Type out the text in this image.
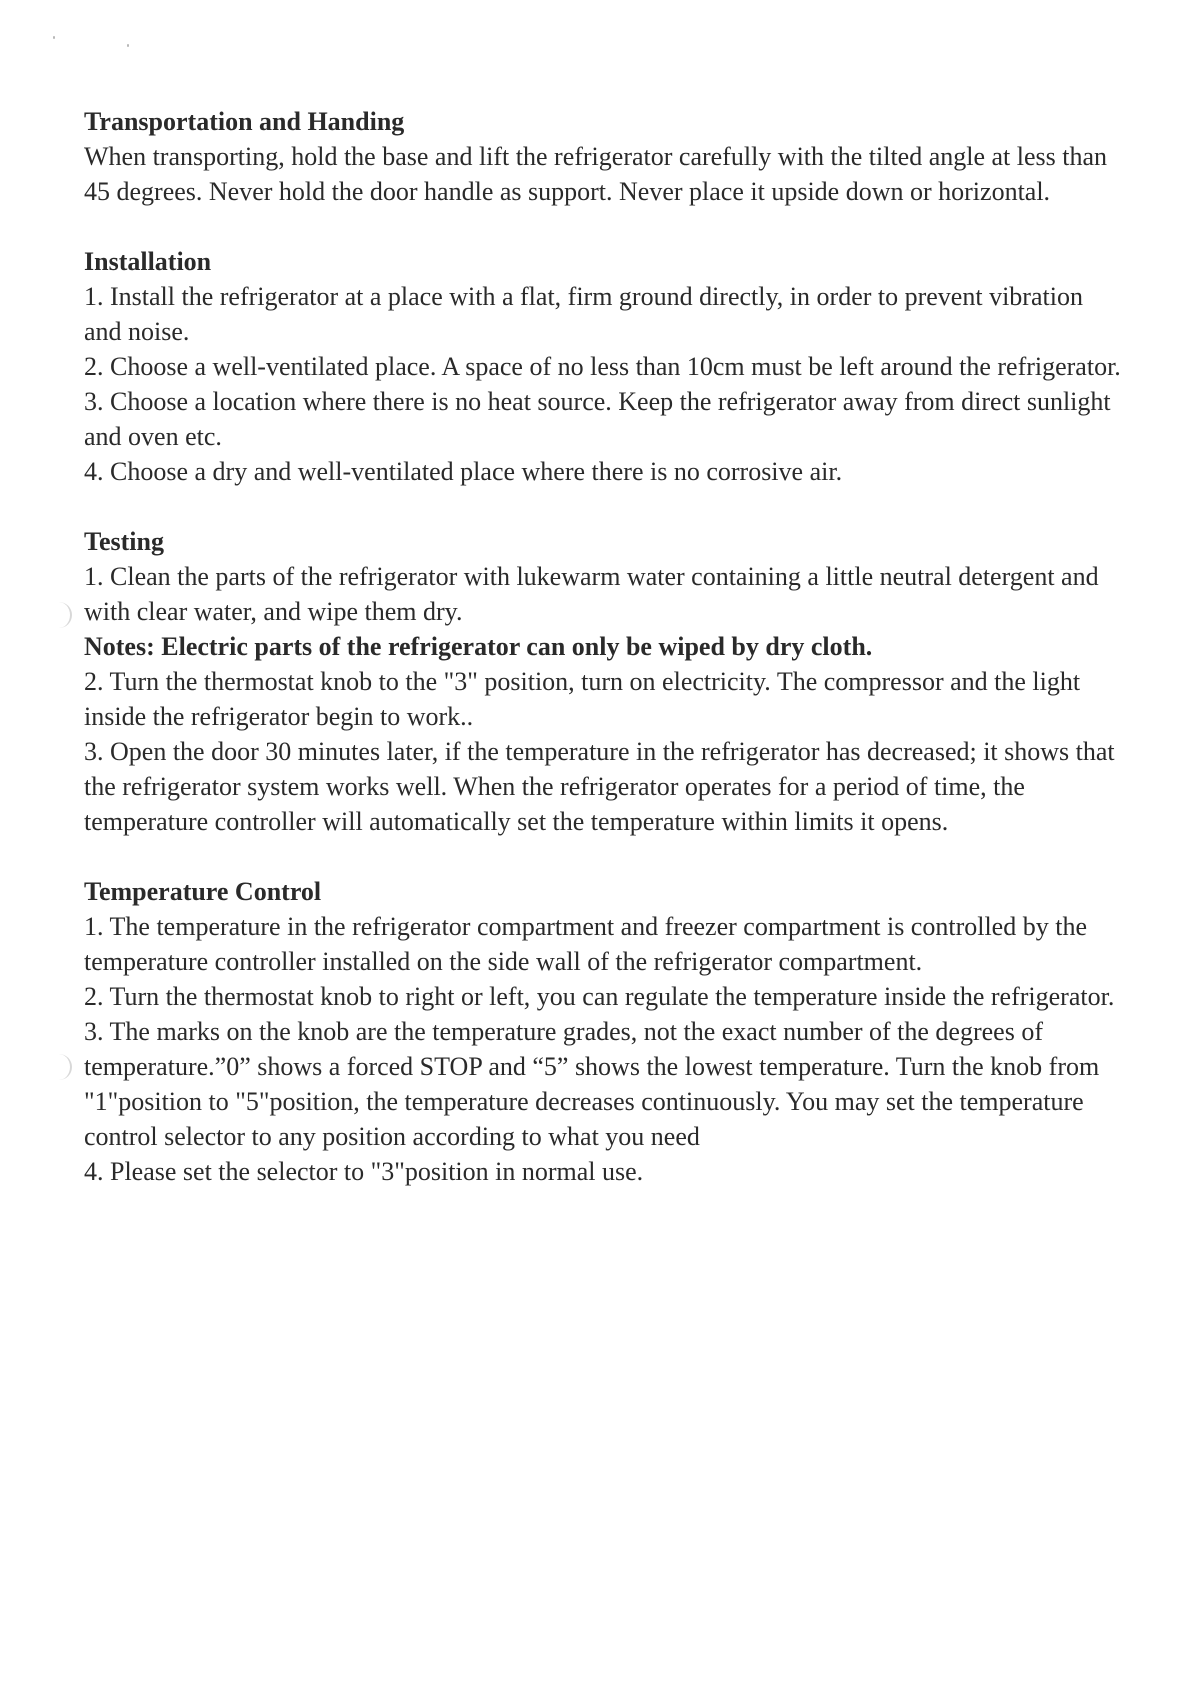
Transportation and Handing

When transporting, hold the base and lift the refrigerator carefully with the tilted angle at less than 45 degrees. Never hold the door handle as support. Never place it upside down or horizontal.

Installation

1. Install the refrigerator at a place with a flat, firm ground directly, in order to prevent vibration and noise.

2. Choose a well-ventilated place. A space of no less than 10cm must be left around the refrigerator.

3. Choose a location where there is no heat source. Keep the refrigerator away from direct sunlight and oven etc.

4. Choose a dry and well-ventilated place where there is no corrosive air.

Testing

1. Clean the parts of the refrigerator with lukewarm water containing a little neutral detergent and with clear water, and wipe them dry.

Notes: Electric parts of the refrigerator can only be wiped by dry cloth.

2. Turn the thermostat knob to the "3" position, turn on electricity. The compressor and the light inside the refrigerator begin to work..

3. Open the door 30 minutes later, if the temperature in the refrigerator has decreased; it shows that the refrigerator system works well. When the refrigerator operates for a period of time, the temperature controller will automatically set the temperature within limits it opens.

Temperature Control

1. The temperature in the refrigerator compartment and freezer compartment is controlled by the temperature controller installed on the side wall of the refrigerator compartment.

2. Turn the thermostat knob to right or left, you can regulate the temperature inside the refrigerator.

3. The marks on the knob are the temperature grades, not the exact number of the degrees of temperature.”0” shows a forced STOP and “5” shows the lowest temperature. Turn the knob from "1"position to "5"position, the temperature decreases continuously. You may set the temperature control selector to any position according to what you need

4. Please set the selector to "3"position in normal use.
